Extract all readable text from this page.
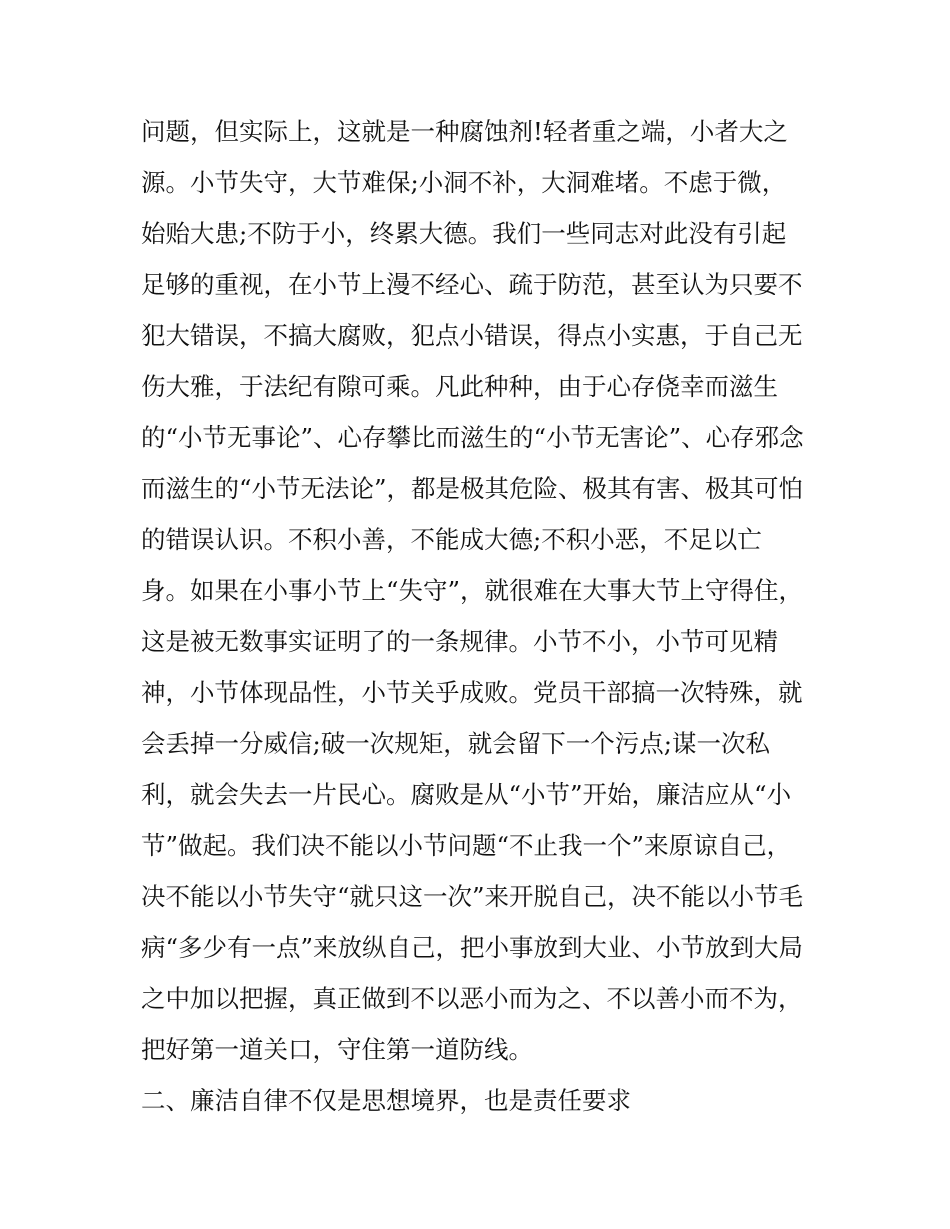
问题，但实际上，这就是一种腐蚀剂!轻者重之端，小者大之
源。小节失守，大节难保;小洞不补，大洞难堵。不虑于微，
始贻大患;不防于小，终累大德。我们一些同志对此没有引起
足够的重视，在小节上漫不经心、疏于防范，甚至认为只要不
犯大错误，不搞大腐败，犯点小错误，得点小实惠，于自己无
伤大雅，于法纪有隙可乘。凡此种种，由于心存侥幸而滋生
的“小节无事论”、心存攀比而滋生的“小节无害论”、心存邪念
而滋生的“小节无法论”，都是极其危险、极其有害、极其可怕
的错误认识。不积小善，不能成大德;不积小恶，不足以亡
身。如果在小事小节上“失守”，就很难在大事大节上守得住，
这是被无数事实证明了的一条规律。小节不小，小节可见精
神，小节体现品性，小节关乎成败。党员干部搞一次特殊，就
会丢掉一分威信;破一次规矩，就会留下一个污点;谋一次私
利，就会失去一片民心。腐败是从“小节”开始，廉洁应从“小
节”做起。我们决不能以小节问题“不止我一个”来原谅自己，
决不能以小节失守“就只这一次”来开脱自己，决不能以小节毛
病“多少有一点”来放纵自己，把小事放到大业、小节放到大局
之中加以把握，真正做到不以恶小而为之、不以善小而不为，
把好第一道关口，守住第一道防线。
二、廉洁自律不仅是思想境界，也是责任要求
